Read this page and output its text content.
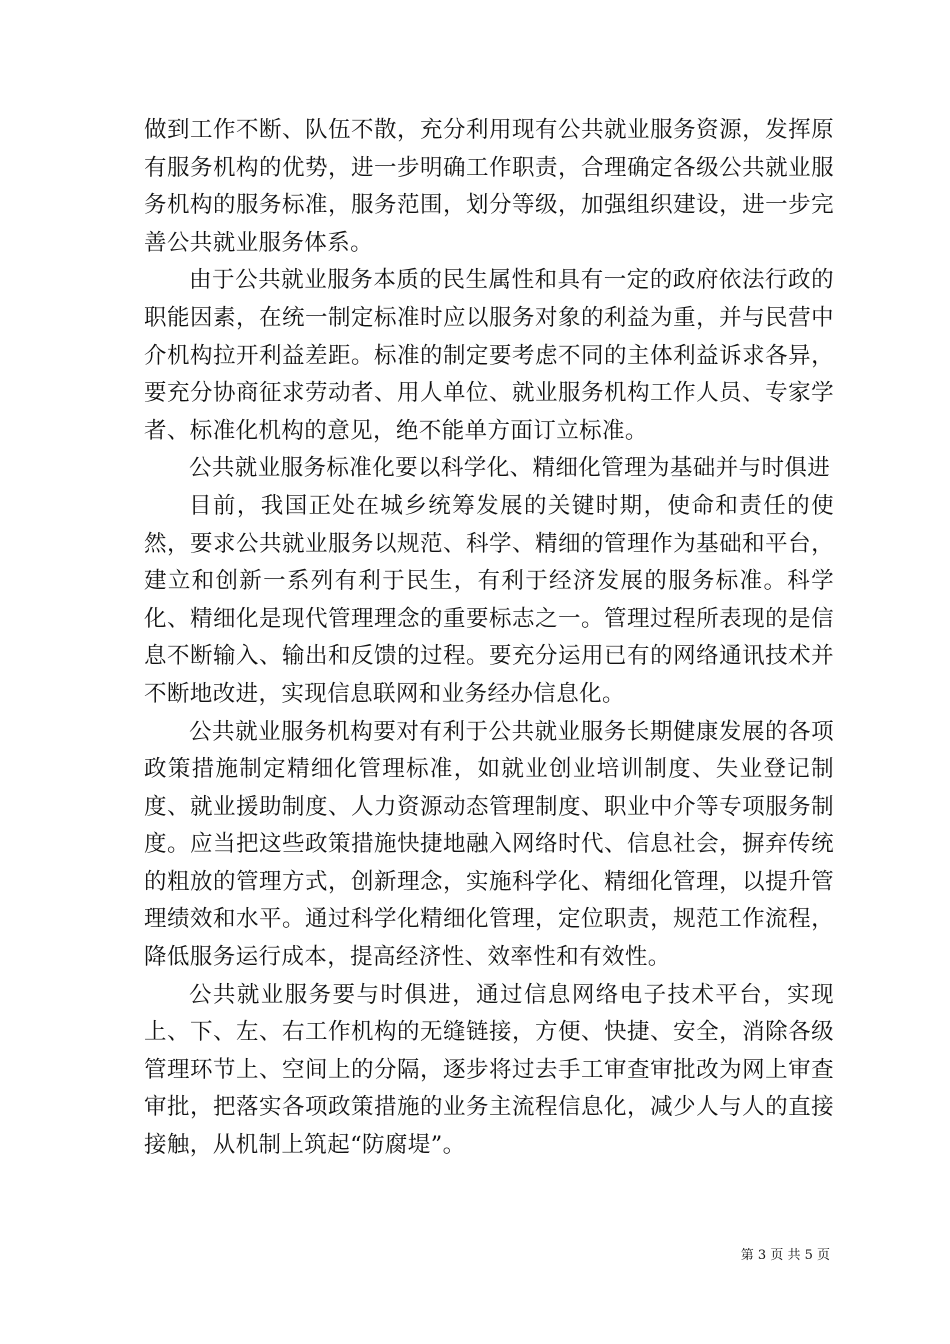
做到工作不断、队伍不散，充分利用现有公共就业服务资源，发挥原有服务机构的优势，进一步明确工作职责，合理确定各级公共就业服务机构的服务标准，服务范围，划分等级，加强组织建设，进一步完善公共就业服务体系。

由于公共就业服务本质的民生属性和具有一定的政府依法行政的职能因素，在统一制定标准时应以服务对象的利益为重，并与民营中介机构拉开利益差距。标准的制定要考虑不同的主体利益诉求各异，要充分协商征求劳动者、用人单位、就业服务机构工作人员、专家学者、标准化机构的意见，绝不能单方面订立标准。

公共就业服务标准化要以科学化、精细化管理为基础并与时俱进

目前，我国正处在城乡统筹发展的关键时期，使命和责任的使然，要求公共就业服务以规范、科学、精细的管理作为基础和平台，建立和创新一系列有利于民生，有利于经济发展的服务标准。科学化、精细化是现代管理理念的重要标志之一。管理过程所表现的是信息不断输入、输出和反馈的过程。要充分运用已有的网络通讯技术并不断地改进，实现信息联网和业务经办信息化。

公共就业服务机构要对有利于公共就业服务长期健康发展的各项政策措施制定精细化管理标准，如就业创业培训制度、失业登记制度、就业援助制度、人力资源动态管理制度、职业中介等专项服务制度。应当把这些政策措施快捷地融入网络时代、信息社会，摒弃传统的粗放的管理方式，创新理念，实施科学化、精细化管理，以提升管理绩效和水平。通过科学化精细化管理，定位职责，规范工作流程，降低服务运行成本，提高经济性、效率性和有效性。

公共就业服务要与时俱进，通过信息网络电子技术平台，实现上、下、左、右工作机构的无缝链接，方便、快捷、安全，消除各级管理环节上、空间上的分隔，逐步将过去手工审查审批改为网上审查审批，把落实各项政策措施的业务主流程信息化，减少人与人的直接接触，从机制上筑起“防腐堤”。

第 3 页 共 5 页
